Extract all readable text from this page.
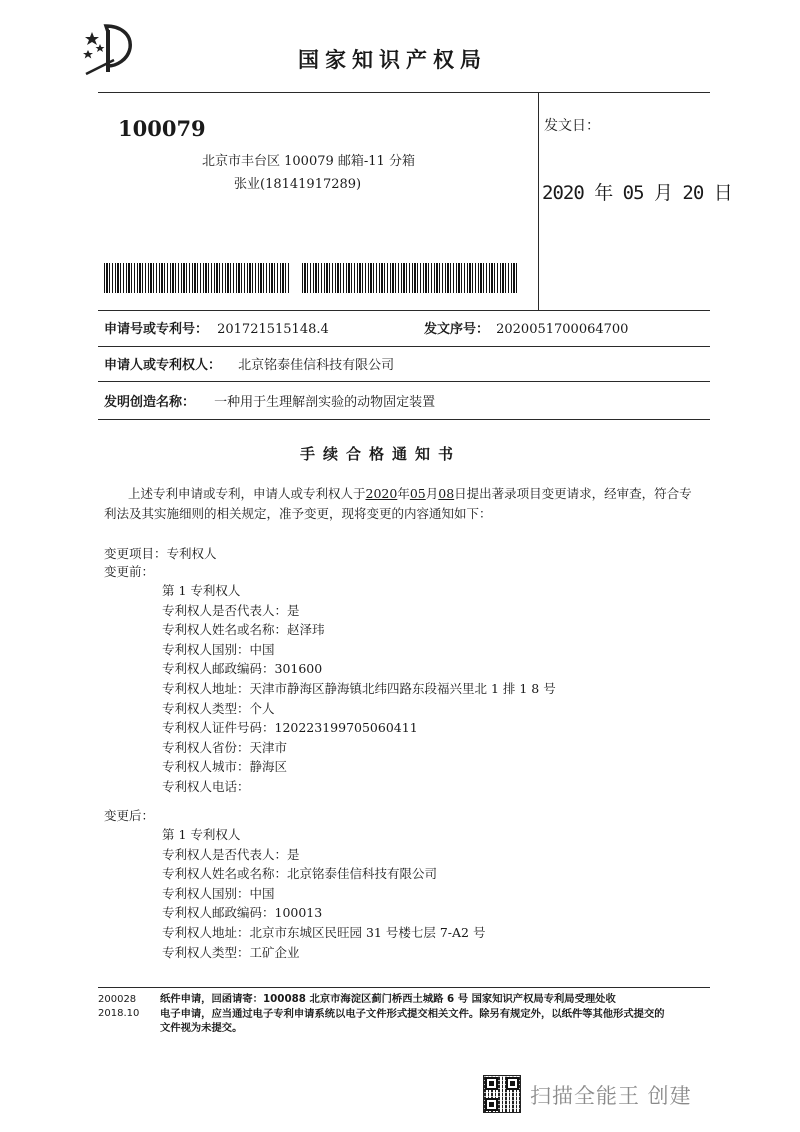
国家知识产权局
100079
北京市丰台区 100079 邮箱-11 分箱
张业(18141917289)
发文日：
2020 年 05 月 20 日
申请号或专利号： 201721515148.4	发文序号： 2020051700064700
申请人或专利权人： 北京铭泰佳信科技有限公司
发明创造名称： 一种用于生理解剖实验的动物固定装置
手续合格通知书
上述专利申请或专利，申请人或专利权人于2020年05月08日提出著录项目变更请求，经审查，符合专
利法及其实施细则的相关规定，准予变更，现将变更的内容通知如下：
变更项目：专利权人
变更前：
第 1 专利权人
专利权人是否代表人：是
专利权人姓名或名称：赵泽玮
专利权人国别：中国
专利权人邮政编码：301600
专利权人地址：天津市静海区静海镇北纬四路东段福兴里北 1 排 1 8 号
专利权人类型：个人
专利权人证件号码：120223199705060411
专利权人省份：天津市
专利权人城市：静海区
专利权人电话：
变更后：
第 1 专利权人
专利权人是否代表人：是
专利权人姓名或名称：北京铭泰佳信科技有限公司
专利权人国别：中国
专利权人邮政编码：100013
专利权人地址：北京市东城区民旺园 31 号楼七层 7-A2 号
专利权人类型：工矿企业
200028
2018.10
纸件申请，回函请寄：100088 北京市海淀区蓟门桥西土城路 6 号 国家知识产权局专利局受理处收
电子申请，应当通过电子专利申请系统以电子文件形式提交相关文件。除另有规定外，以纸件等其他形式提交的
文件视为未提交。
扫描全能王 创建
